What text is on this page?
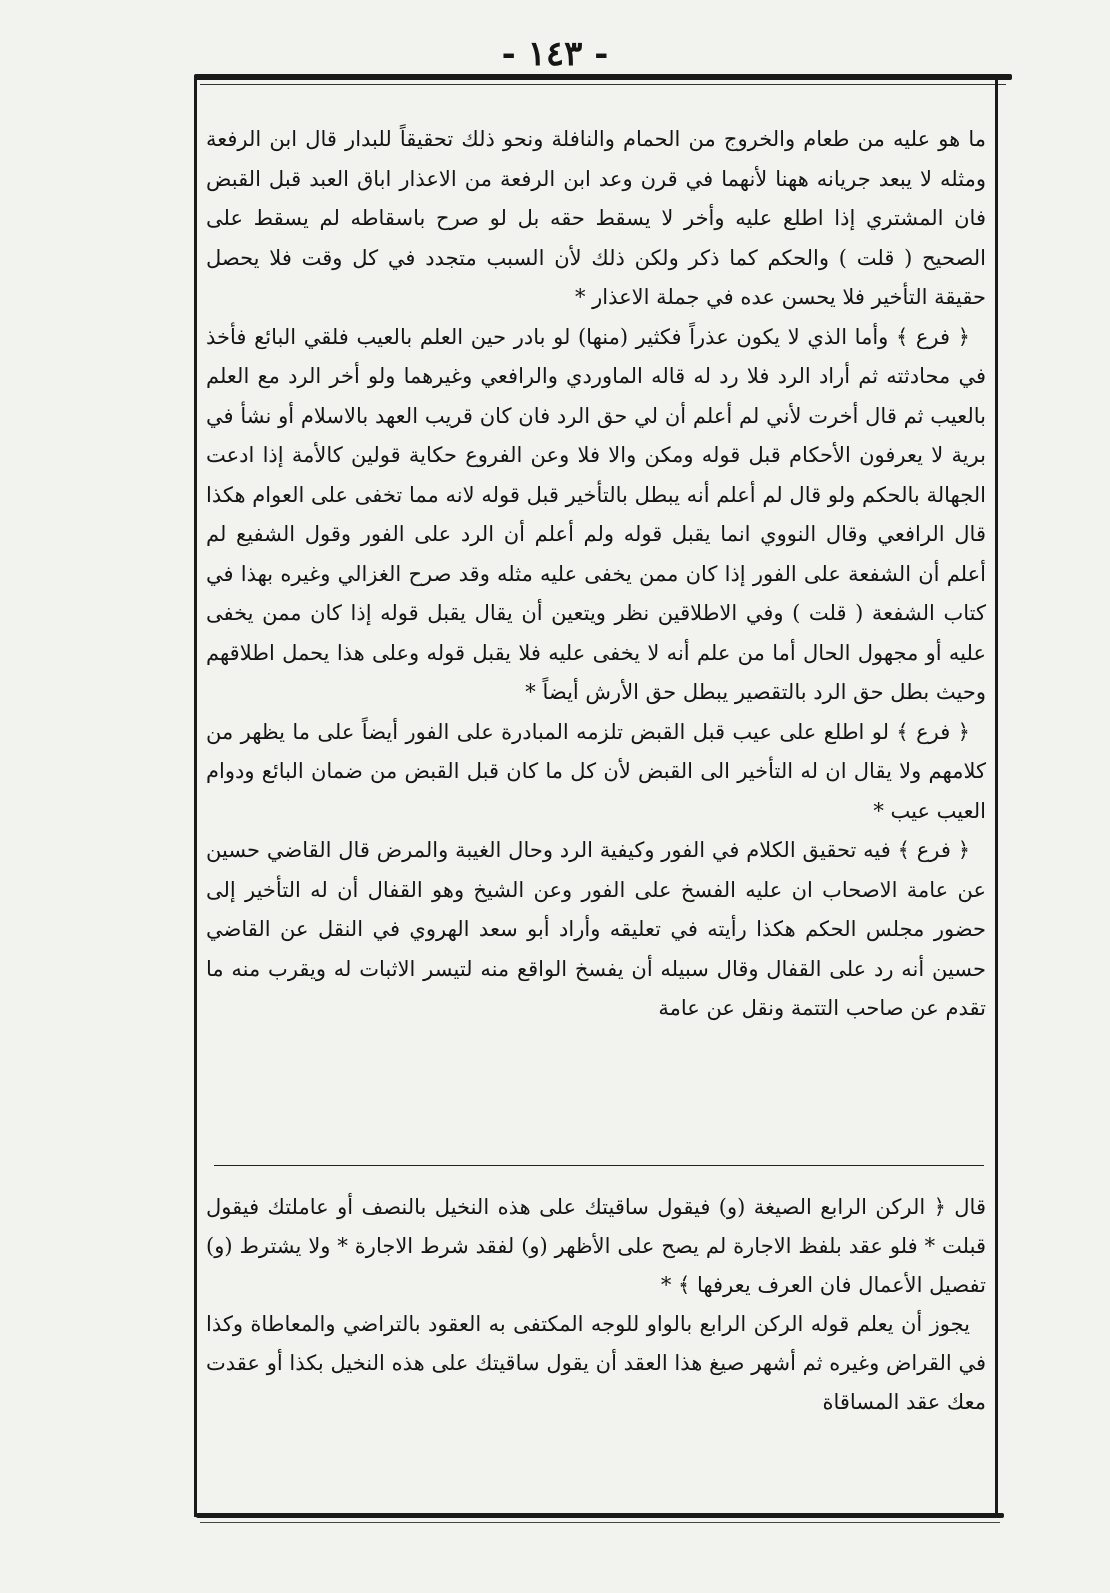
- ١٤٣ -

ما هو عليه من طعام والخروج من الحمام والنافلة ونحو ذلك تحقيقاً للبدار قال ابن الرفعة ومثله لا يبعد جريانه ههنا لأنهما في قرن وعد ابن الرفعة من الاعذار اباق العبد قبل القبض فان المشتري إذا اطلع عليه وأخر لا يسقط حقه بل لو صرح باسقاطه لم يسقط على الصحيح ( قلت ) والحكم كما ذكر ولكن ذلك لأن السبب متجدد في كل وقت فلا يحصل حقيقة التأخير فلا يحسن عده في جملة الاعذار *

﴿ فرع ﴾ وأما الذي لا يكون عذراً فكثير (منها) لو بادر حين العلم بالعيب فلقي البائع فأخذ في محادثته ثم أراد الرد فلا رد له قاله الماوردي والرافعي وغيرهما ولو أخر الرد مع العلم بالعيب ثم قال أخرت لأني لم أعلم أن لي حق الرد فان كان قريب العهد بالاسلام أو نشأ في برية لا يعرفون الأحكام قبل قوله ومكن والا فلا وعن الفروع حكاية قولين كالأمة إذا ادعت الجهالة بالحكم ولو قال لم أعلم أنه يبطل بالتأخير قبل قوله لانه مما تخفى على العوام هكذا قال الرافعي وقال النووي انما يقبل قوله ولم أعلم أن الرد على الفور وقول الشفيع لم أعلم أن الشفعة على الفور إذا كان ممن يخفى عليه مثله وقد صرح الغزالي وغيره بهذا في كتاب الشفعة ( قلت ) وفي الاطلاقين نظر ويتعين أن يقال يقبل قوله إذا كان ممن يخفى عليه أو مجهول الحال أما من علم أنه لا يخفى عليه فلا يقبل قوله وعلى هذا يحمل اطلاقهم وحيث بطل حق الرد بالتقصير يبطل حق الأرش أيضاً *

﴿ فرع ﴾ لو اطلع على عيب قبل القبض تلزمه المبادرة على الفور أيضاً على ما يظهر من كلامهم ولا يقال ان له التأخير الى القبض لأن كل ما كان قبل القبض من ضمان البائع ودوام العيب عيب *

﴿ فرع ﴾ فيه تحقيق الكلام في الفور وكيفية الرد وحال الغيبة والمرض قال القاضي حسين عن عامة الاصحاب ان عليه الفسخ على الفور وعن الشيخ وهو القفال أن له التأخير إلى حضور مجلس الحكم هكذا رأيته في تعليقه وأراد أبو سعد الهروي في النقل عن القاضي حسين أنه رد على القفال وقال سبيله أن يفسخ الواقع منه لتيسر الاثبات له ويقرب منه ما تقدم عن صاحب التتمة ونقل عن عامة

قال ﴿ الركن الرابع الصيغة (و) فيقول ساقيتك على هذه النخيل بالنصف أو عاملتك فيقول قبلت * فلو عقد بلفظ الاجارة لم يصح على الأظهر (و) لفقد شرط الاجارة * ولا يشترط (و) تفصيل الأعمال فان العرف يعرفها ﴾ *

يجوز أن يعلم قوله الركن الرابع بالواو للوجه المكتفى به العقود بالتراضي والمعاطاة وكذا في القراض وغيره ثم أشهر صيغ هذا العقد أن يقول ساقيتك على هذه النخيل بكذا أو عقدت معك عقد المساقاة
